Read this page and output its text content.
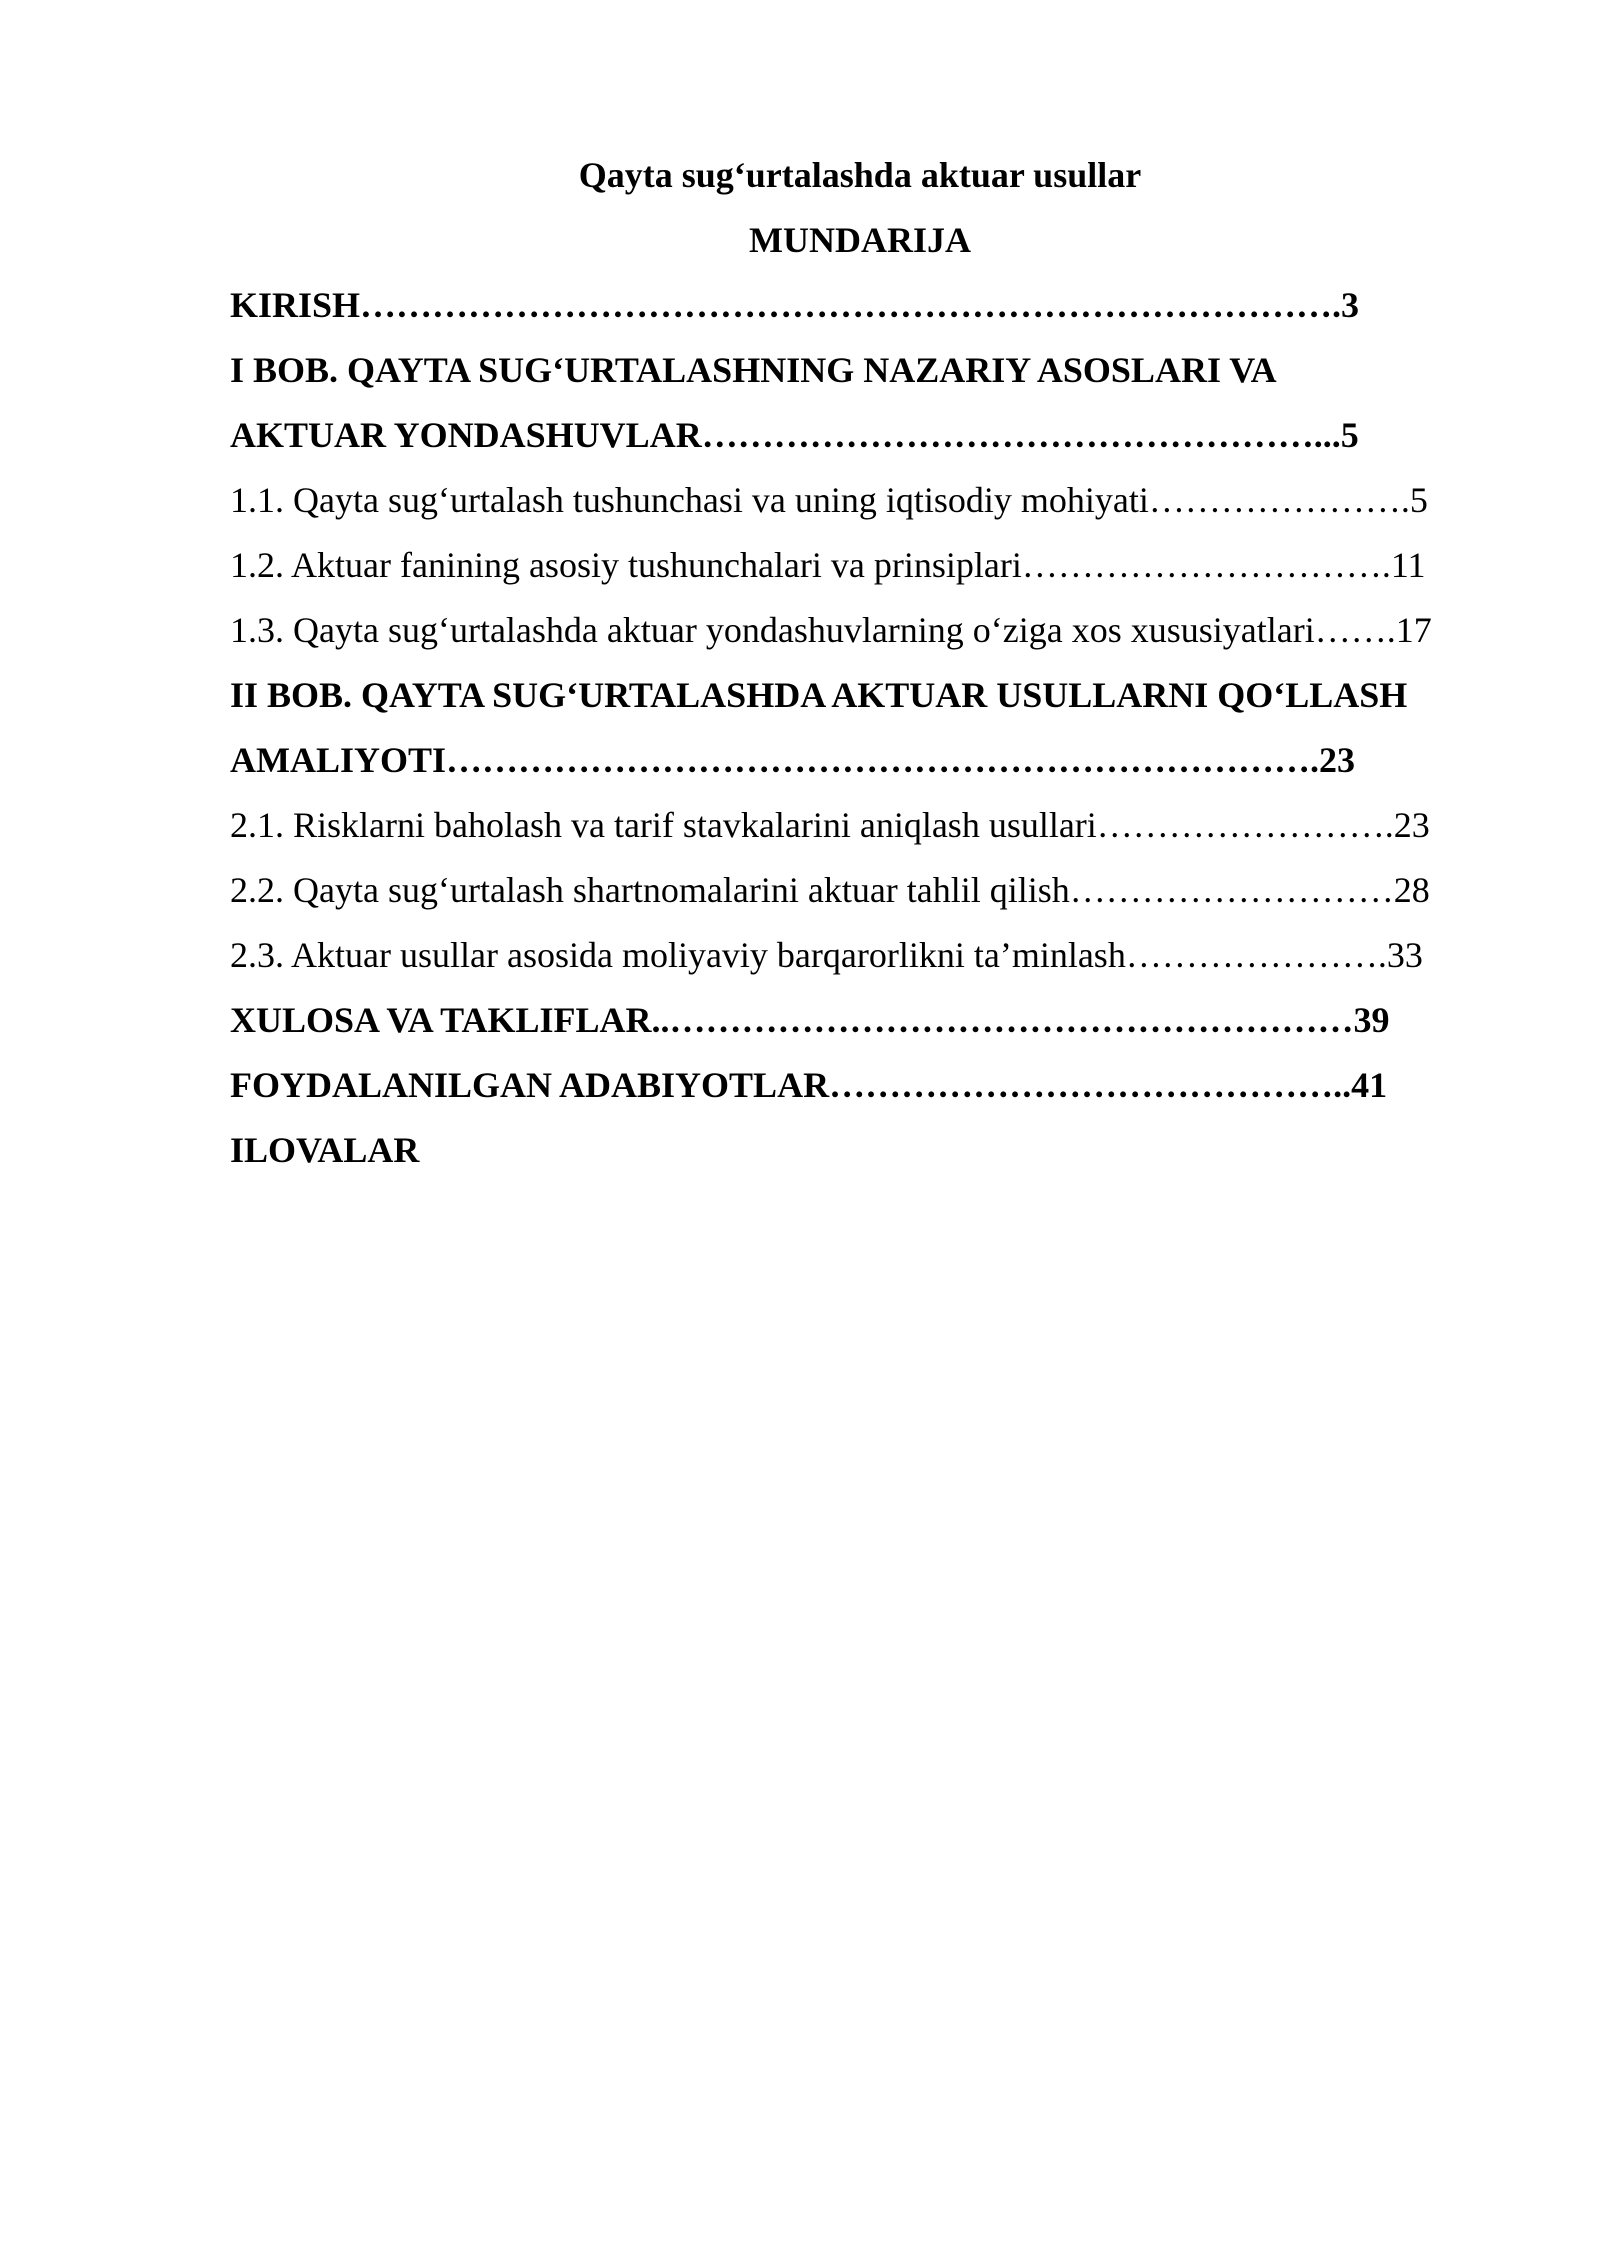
Qayta sug‘urtalashda aktuar usullar
MUNDARIJA
KIRISH……………………………………………………………………….3
I BOB. QAYTA SUG‘URTALASHNING NAZARIY ASOSLARI VA
AKTUAR YONDASHUVLAR……………………………………………...5
1.1. Qayta sug‘urtalash tushunchasi va uning iqtisodiy mohiyati………………….5
1.2. Aktuar fanining asosiy tushunchalari va prinsiplari………………………….11
1.3. Qayta sug‘urtalashda aktuar yondashuvlarning o‘ziga xos xususiyatlari…….17
II BOB. QAYTA SUG‘URTALASHDA AKTUAR USULLARNI QO‘LLASH
AMALIYOTI……………………………………………………………….23
2.1. Risklarni baholash va tarif stavkalarini aniqlash usullari…………………….23
2.2. Qayta sug‘urtalash shartnomalarini aktuar tahlil qilish………………………28
2.3. Aktuar usullar asosida moliyaviy barqarorlikni ta’minlash………………….33
XULOSA VA TAKLIFLAR..…………………………………………………39
FOYDALANILGAN ADABIYOTLAR……………………………………..41
ILOVALAR
